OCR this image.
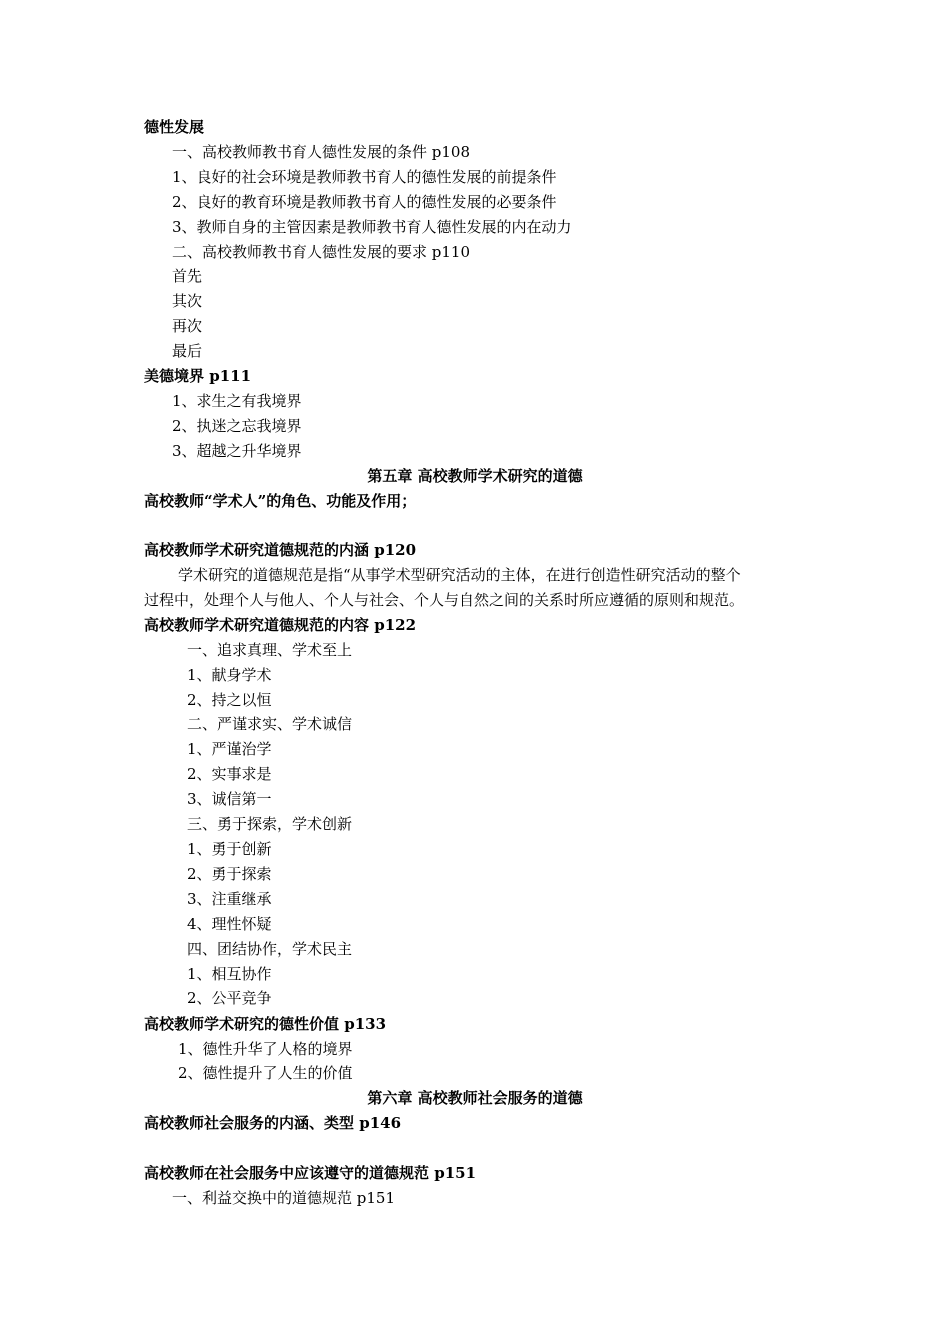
德性发展
一、高校教师教书育人德性发展的条件 p108
1、良好的社会环境是教师教书育人的德性发展的前提条件
2、良好的教育环境是教师教书育人的德性发展的必要条件
3、教师自身的主管因素是教师教书育人德性发展的内在动力
二、高校教师教书育人德性发展的要求 p110
首先
其次
再次
最后
美德境界 p111
1、求生之有我境界
2、执迷之忘我境界
3、超越之升华境界
第五章 高校教师学术研究的道德
高校教师“学术人”的角色、功能及作用；
高校教师学术研究道德规范的内涵 p120
学术研究的道德规范是指“从事学术型研究活动的主体，在进行创造性研究活动的整个
过程中，处理个人与他人、个人与社会、个人与自然之间的关系时所应遵循的原则和规范。
高校教师学术研究道德规范的内容 p122
一、追求真理、学术至上
1、献身学术
2、持之以恒
二、严谨求实、学术诚信
1、严谨治学
2、实事求是
3、诚信第一
三、勇于探索，学术创新
1、勇于创新
2、勇于探索
3、注重继承
4、理性怀疑
四、团结协作，学术民主
1、相互协作
2、公平竞争
高校教师学术研究的德性价值 p133
1、德性升华了人格的境界
2、德性提升了人生的价值
第六章 高校教师社会服务的道德
高校教师社会服务的内涵、类型 p146
高校教师在社会服务中应该遵守的道德规范 p151
一、利益交换中的道德规范 p151
